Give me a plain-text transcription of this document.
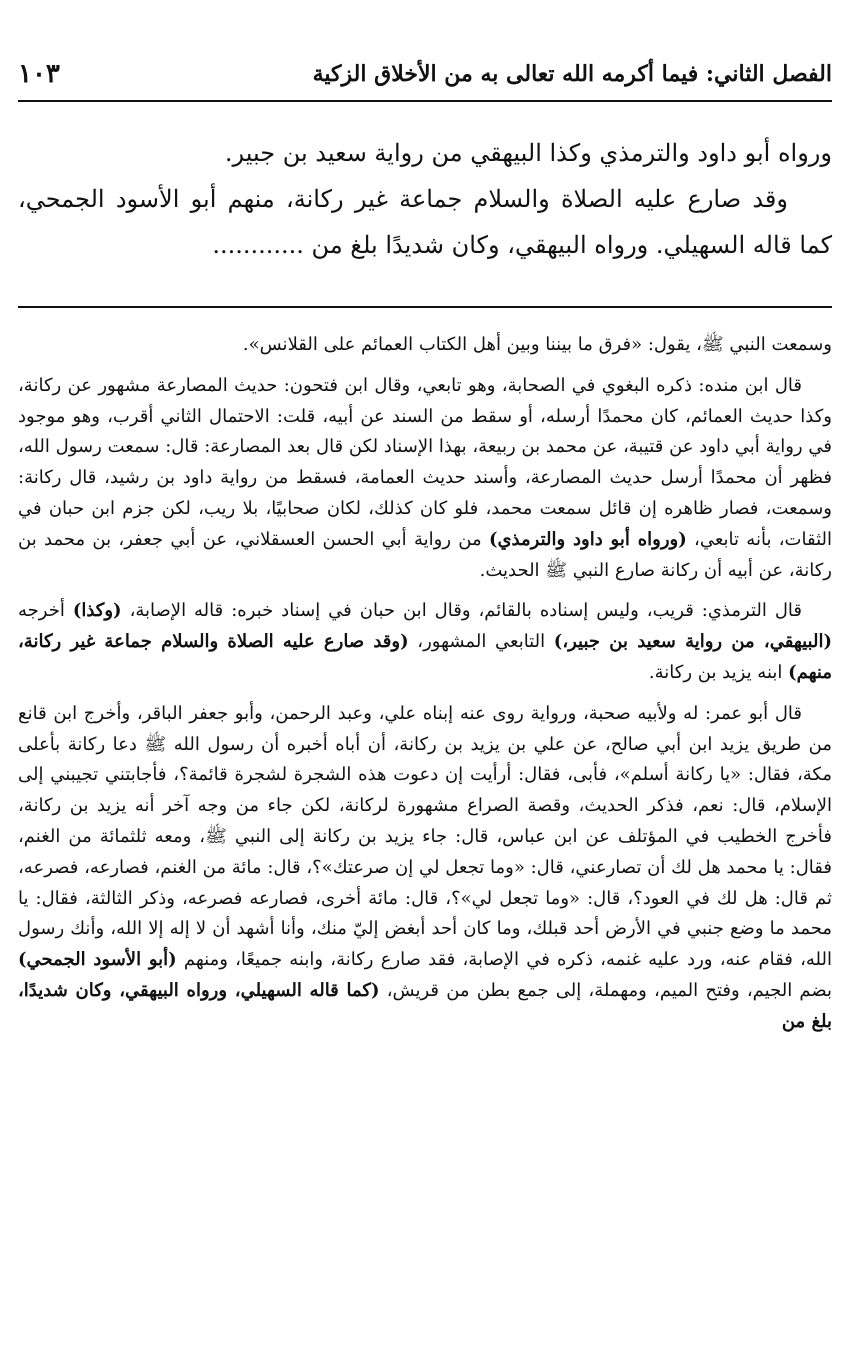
الفصل الثاني: فيما أكرمه الله تعالى به من الأخلاق الزكية
١٠٣

ورواه أبو داود والترمذي وكذا البيهقي من رواية سعيد بن جبير.

وقد صارع عليه الصلاة والسلام جماعة غير ركانة، منهم أبو الأسود الجمحي، كما قاله السهيلي. ورواه البيهقي، وكان شديدًا بلغ من ............

وسمعت النبي ﷺ، يقول: «فرق ما بيننا وبين أهل الكتاب العمائم على القلانس».

قال ابن منده: ذكره البغوي في الصحابة، وهو تابعي، وقال ابن فتحون: حديث المصارعة مشهور عن ركانة، وكذا حديث العمائم، كان محمدًا أرسله، أو سقط من السند عن أبيه، قلت: الاحتمال الثاني أقرب، وهو موجود في رواية أبي داود عن قتيبة، عن محمد بن ربيعة، بهذا الإسناد لكن قال بعد المصارعة: قال: سمعت رسول الله، فظهر أن محمدًا أرسل حديث المصارعة، وأسند حديث العمامة، فسقط من رواية داود بن رشيد، قال ركانة: وسمعت، فصار ظاهره إن قائل سمعت محمد، فلو كان كذلك، لكان صحابيًا، بلا ريب، لكن جزم ابن حبان في الثقات، بأنه تابعي، (ورواه أبو داود والترمذي) من رواية أبي الحسن العسقلاني، عن أبي جعفر، بن محمد بن ركانة، عن أبيه أن ركانة صارع النبي ﷺ الحديث.

قال الترمذي: قريب، وليس إسناده بالقائم، وقال ابن حبان في إسناد خبره: قاله الإصابة، (وكذا) أخرجه (البيهقي، من رواية سعيد بن جبير،) التابعي المشهور، (وقد صارع عليه الصلاة والسلام جماعة غير ركانة، منهم) ابنه يزيد بن ركانة.

قال أبو عمر: له ولأبيه صحبة، ورواية روى عنه إبناه علي، وعبد الرحمن، وأبو جعفر الباقر، وأخرج ابن قانع من طريق يزيد ابن أبي صالح، عن علي بن يزيد بن ركانة، أن أباه أخبره أن رسول الله ﷺ دعا ركانة بأعلى مكة، فقال: «يا ركانة أسلم»، فأبى، فقال: أرأيت إن دعوت هذه الشجرة لشجرة قائمة؟، فأجابتني تجيبني إلى الإسلام، قال: نعم، فذكر الحديث، وقصة الصراع مشهورة لركانة، لكن جاء من وجه آخر أنه يزيد بن ركانة، فأخرج الخطيب في المؤتلف عن ابن عباس، قال: جاء يزيد بن ركانة إلى النبي ﷺ، ومعه ثلثمائة من الغنم، فقال: يا محمد هل لك أن تصارعني، قال: «وما تجعل لي إن صرعتك»؟، قال: مائة من الغنم، فصارعه، فصرعه، ثم قال: هل لك في العود؟، قال: «وما تجعل لي»؟، قال: مائة أخرى، فصارعه فصرعه، وذكر الثالثة، فقال: يا محمد ما وضع جنبي في الأرض أحد قبلك، وما كان أحد أبغض إليّ منك، وأنا أشهد أن لا إله إلا الله، وأنك رسول الله، فقام عنه، ورد عليه غنمه، ذكره في الإصابة، فقد صارع ركانة، وابنه جميعًا، ومنهم (أبو الأسود الجمحي) بضم الجيم، وفتح الميم، ومهملة، إلى جمع بطن من قريش، (كما قاله السهيلي، ورواه البيهقي، وكان شديدًا، بلغ من
